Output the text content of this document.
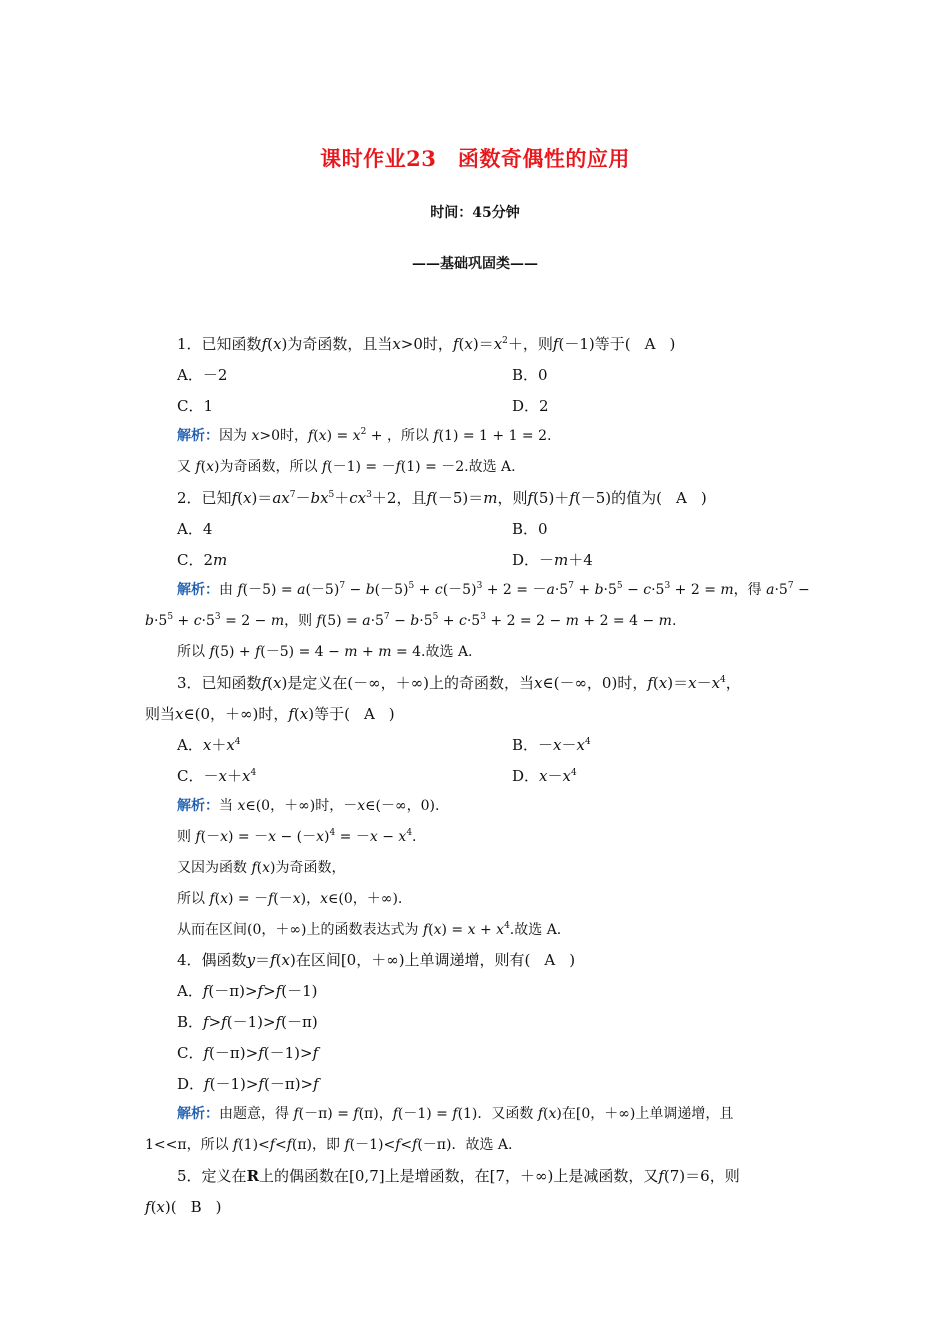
课时作业23　函数奇偶性的应用
时间：45分钟
——基础巩固类——
1．已知函数f(x)为奇函数，且当x>0时，$f(x)=x^2+$，则f(－1)等于( A )
A．－2	B．0
C．1	D．2
解析：因为 x>0时，$f(x) = x^2$ + ，所以 f(1) = 1 + 1 = 2.
又 f(x)为奇函数，所以 f(－1) = －f(1) = －2.故选 A.
2．已知$f(x)=ax^7-bx^5+cx^3+2$，且f(－5)＝m，则f(5)＋f(－5)的值为( A )
A．4	B．0
C．2m	D．－m＋4
解析：由 $f(-5) = a(-5)^7 - b(-5)^5 + c(-5)^3 + 2 = -a\cdot 5^7 + b\cdot 5^5 - c\cdot 5^3 + 2 = m$，得 $a\cdot 5^7$ −
$b\cdot 5^5 + c\cdot 5^3 = 2 - m$，则 $f(5) = a\cdot 5^7 - b\cdot 5^5 + c\cdot 5^3 + 2 = 2 - m + 2 = 4 - m$.
所以 f(5) + f(－5) = 4 − m + m = 4.故选 A.
3．已知函数f(x)是定义在(－∞，＋∞)上的奇函数，当x∈(－∞，0)时，$f(x)=x-x^4$，
则当x∈(0，＋∞)时，f(x)等于( A )
A．$x+x^4$	B．$-x-x^4$
C．$-x+x^4$	D．$x-x^4$
解析：当 x∈(0，＋∞)时，－x∈(－∞，0).
则 $f(-x) = -x - (-x)^4 = -x - x^4$.
又因为函数 f(x)为奇函数，
所以 f(x) = －f(－x)，x∈(0，＋∞).
从而在区间(0，＋∞)上的函数表达式为 $f(x) = x + x^4$.故选 A.
4．偶函数y＝f(x)在区间[0，＋∞)上单调递增，则有( A )
A．f(－π)>f>f(－1)
B．f>f(－1)>f(－π)
C．f(－π)>f(－1)>f
D．f(－1)>f(－π)>f
解析：由题意，得 f(－π) = f(π)，f(－1) = f(1)．又函数 f(x)在[0，＋∞)上单调递增，且
1<<π，所以 f(1)<f<f(π)，即 f(－1)<f<f(－π)．故选 A.
5．定义在R上的偶函数在[0,7]上是增函数，在[7，＋∞)上是减函数，又f(7)＝6，则
f(x)( B )
